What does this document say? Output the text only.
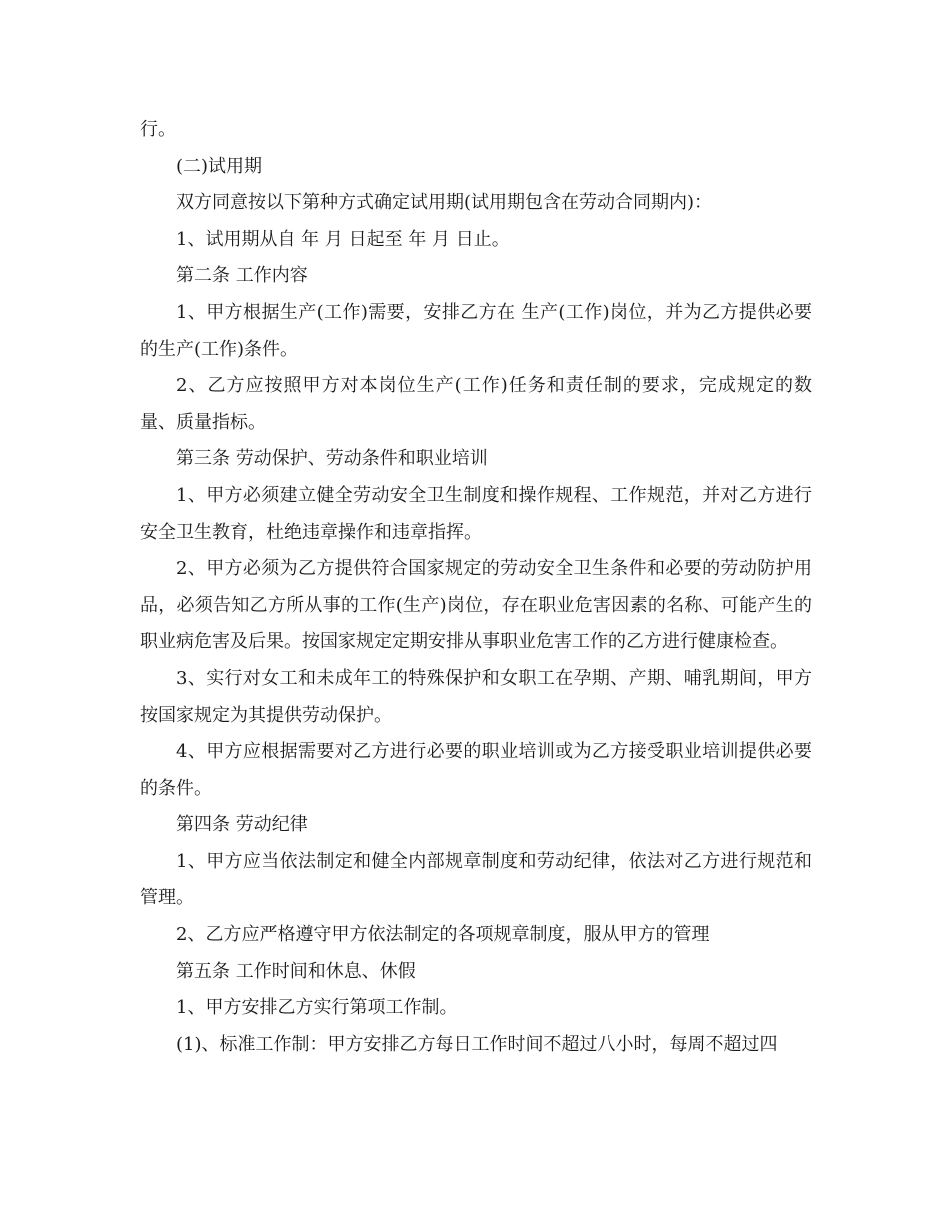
行。

(二)试用期

双方同意按以下第种方式确定试用期(试用期包含在劳动合同期内)：

1、试用期从自 年 月 日起至 年 月 日止。

第二条 工作内容

1、甲方根据生产(工作)需要，安排乙方在 生产(工作)岗位，并为乙方提供必要的生产(工作)条件。

2、乙方应按照甲方对本岗位生产(工作)任务和责任制的要求，完成规定的数量、质量指标。

第三条 劳动保护、劳动条件和职业培训

1、甲方必须建立健全劳动安全卫生制度和操作规程、工作规范，并对乙方进行安全卫生教育，杜绝违章操作和违章指挥。

2、甲方必须为乙方提供符合国家规定的劳动安全卫生条件和必要的劳动防护用品，必须告知乙方所从事的工作(生产)岗位，存在职业危害因素的名称、可能产生的职业病危害及后果。按国家规定定期安排从事职业危害工作的乙方进行健康检查。

3、实行对女工和未成年工的特殊保护和女职工在孕期、产期、哺乳期间，甲方按国家规定为其提供劳动保护。

4、甲方应根据需要对乙方进行必要的职业培训或为乙方接受职业培训提供必要的条件。

第四条 劳动纪律

1、甲方应当依法制定和健全内部规章制度和劳动纪律，依法对乙方进行规范和管理。

2、乙方应严格遵守甲方依法制定的各项规章制度，服从甲方的管理

第五条 工作时间和休息、休假

1、甲方安排乙方实行第项工作制。

(1)、标准工作制：甲方安排乙方每日工作时间不超过八小时，每周不超过四
